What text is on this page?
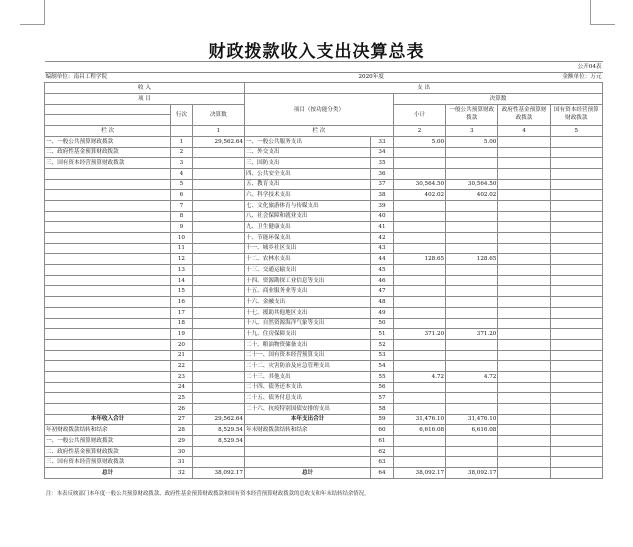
财政拨款收入支出决算总表
								公开04表
编制单位：南昌工程学院			2020年度				金额单位：万元	
收 入			支 出					
项 目			项目（按功能分类）		决算数			
	行次	决算数			小计	一般公共预算财政拨款	政府性基金预算财政拨款	国有资本经营预算财政拨款

栏 次		1	栏 次		2	3	4	5
一、一般公共预算财政拨款	1	29,562.64	一、一般公共服务支出	33	5.00	5.00		
二、政府性基金预算财政拨款	2		二、外交支出	34				
三、国有资本经营预算财政拨款	3		三、国防支出	35				
	4		四、公共安全支出	36				
	5		五、教育支出	37	30,564.50	30,564.50		
	6		六、科学技术支出	38	402.02	402.02		
	7		七、文化旅游体育与传媒支出	39				
	8		八、社会保障和就业支出	40				
	9		九、卫生健康支出	41				
	10		十、节能环保支出	42				
	11		十一、城乡社区支出	43				
	12		十二、农林水支出	44	128.65	128.65		
	13		十三、交通运输支出	45				
	14		十四、资源勘探工业信息等支出	46				
	15		十五、商业服务业等支出	47				
	16		十六、金融支出	48				
	17		十七、援助其他地区支出	49				
	18		十八、自然资源海洋气象等支出	50				
	19		十九、住房保障支出	51	371.20	371.20		
	20		二十、粮油物资储备支出	52				
	21		二十一、国有资本经营预算支出	53				
	22		二十二、灾害防治及应急管理支出	54				
	23		二十三、其他支出	55	4.72	4.72		
	24		二十四、债务还本支出	56				
	25		二十五、债务付息支出	57				
	26		二十六、抗疫特别国债安排的支出	58				
本年收入合计	27	29,562.64	本年支出合计	59	31,476.10	31,476.10		
年初财政拨款结转和结余	28	8,529.54	年末财政拨款结转和结余	60	6,616.08	6,616.08		
一、一般公共预算财政拨款	29	8,529.54		61				
二、政府性基金预算财政拨款	30			62				
三、国有资本经营预算财政拨款	31			63				
总计	32	38,092.17	总计	64	38,092.17	38,092.17		
注：本表反映部门本年度一般公共预算财政拨款、政府性基金预算财政拨款和国有资本经营预算财政拨款的总收支和年末结转结余情况。
